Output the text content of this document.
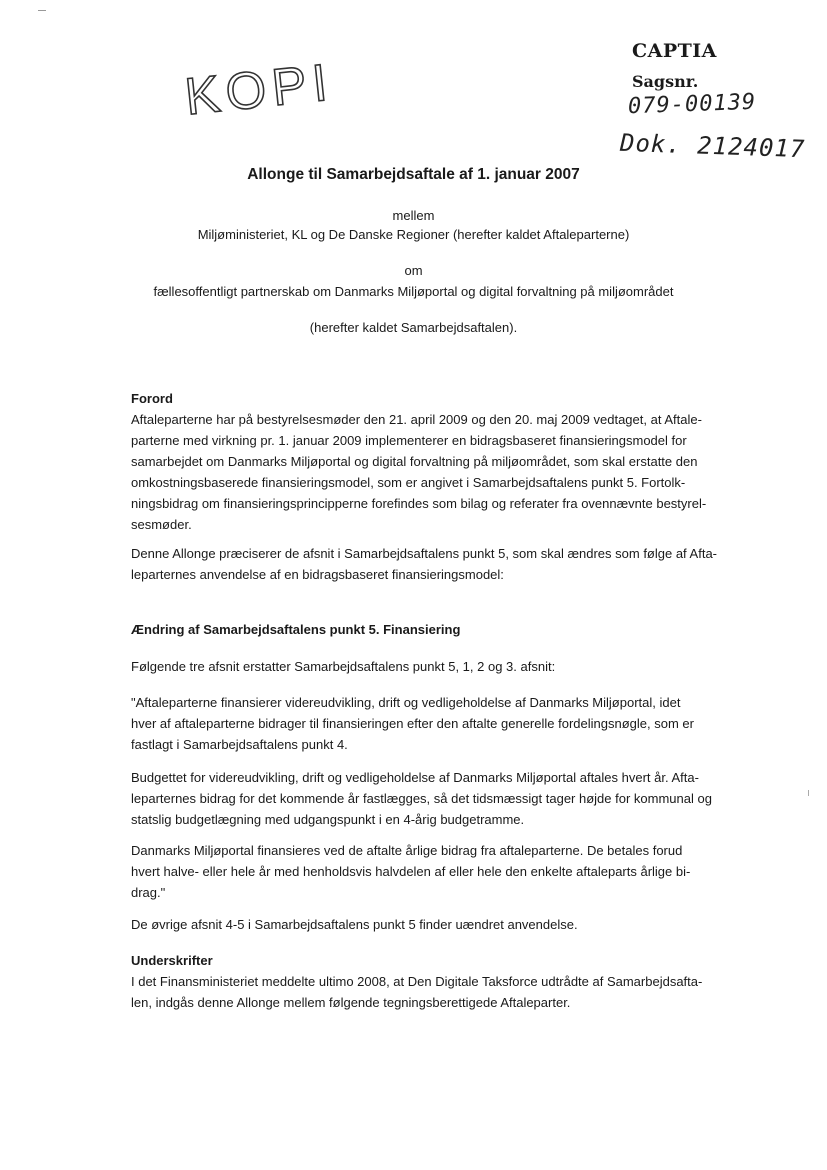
CAPTIA
Sagsnr.
079-00139
Dok. 2124017
KOPI
Allonge til Samarbejdsaftale af 1. januar 2007
mellem
Miljøministeriet, KL og De Danske Regioner (herefter kaldet Aftaleparterne)
om
fællesoffentligt partnerskab om Danmarks Miljøportal og digital forvaltning på miljøområdet
(herefter kaldet Samarbejdsaftalen).
Forord
Aftaleparterne har på bestyrelsesmøder den 21. april 2009 og den 20. maj 2009 vedtaget, at Aftale-
parterne med virkning pr. 1. januar 2009 implementerer en bidragsbaseret finansieringsmodel for
samarbejdet om Danmarks Miljøportal og digital forvaltning på miljøområdet, som skal erstatte den
omkostningsbaserede finansieringsmodel, som er angivet i Samarbejdsaftalens punkt 5. Fortolk-
ningsbidrag om finansieringsprincipperne forefindes som bilag og referater fra ovennævnte bestyrel-
sesmøder.
Denne Allonge præciserer de afsnit i Samarbejdsaftalens punkt 5, som skal ændres som følge af Afta-
leparternes anvendelse af en bidragsbaseret finansieringsmodel:
Ændring af Samarbejdsaftalens punkt 5. Finansiering
Følgende tre afsnit erstatter Samarbejdsaftalens punkt 5, 1, 2 og 3. afsnit:
"Aftaleparterne finansierer videreudvikling, drift og vedligeholdelse af Danmarks Miljøportal, idet
hver af aftaleparterne bidrager til finansieringen efter den aftalte generelle fordelingsnøgle, som er
fastlagt i Samarbejdsaftalens punkt 4.
Budgettet for videreudvikling, drift og vedligeholdelse af Danmarks Miljøportal aftales hvert år. Afta-
leparternes bidrag for det kommende år fastlægges, så det tidsmæssigt tager højde for kommunal og
statslig budgetlægning med udgangspunkt i en 4-årig budgetramme.
Danmarks Miljøportal finansieres ved de aftalte årlige bidrag fra aftaleparterne. De betales forud
hvert halve- eller hele år med henholdsvis halvdelen af eller hele den enkelte aftaleparts årlige bi-
drag."
De øvrige afsnit 4-5 i Samarbejdsaftalens punkt 5 finder uændret anvendelse.
Underskrifter
I det Finansministeriet meddelte ultimo 2008, at Den Digitale Taksforce udtrådte af Samarbejdsafta-
len, indgås denne Allonge mellem følgende tegningsberettigede Aftaleparter.
